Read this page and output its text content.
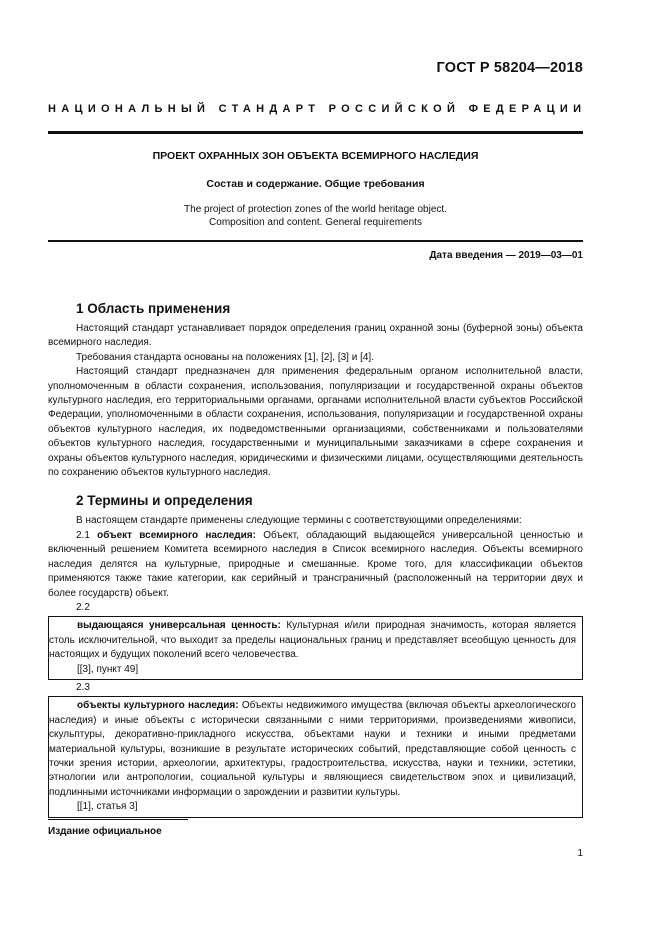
ГОСТ Р 58204—2018
НАЦИОНАЛЬНЫЙ СТАНДАРТ РОССИЙСКОЙ ФЕДЕРАЦИИ
ПРОЕКТ ОХРАННЫХ ЗОН ОБЪЕКТА ВСЕМИРНОГО НАСЛЕДИЯ
Состав и содержание. Общие требования
The project of protection zones of the world heritage object.
Composition and content. General requirements
Дата введения — 2019—03—01
1 Область применения

Настоящий стандарт устанавливает порядок определения границ охранной зоны (буферной зоны) объекта всемирного наследия.

Требования стандарта основаны на положениях [1], [2], [3] и [4].

Настоящий стандарт предназначен для применения федеральным органом исполнительной власти, уполномоченным в области сохранения, использования, популяризации и государственной охраны объектов культурного наследия, его территориальными органами, органами исполнительной власти субъектов Российской Федерации, уполномоченными в области сохранения, использования, популяризации и государственной охраны объектов культурного наследия, их подведомственными организациями, собственниками и пользователями объектов культурного наследия, государственными и муниципальными заказчиками в сфере сохранения и охраны объектов культурного наследия, юридическими и физическими лицами, осуществляющими деятельность по сохранению объектов культурного наследия.

2 Термины и определения

В настоящем стандарте применены следующие термины с соответствующими определениями:

2.1 объект всемирного наследия: Объект, обладающий выдающейся универсальной ценностью и включенный решением Комитета всемирного наследия в Список всемирного наследия. Объекты всемирного наследия делятся на культурные, природные и смешанные. Кроме того, для классификации объектов применяются также такие категории, как серийный и трансграничный (расположенный на территории двух и более государств) объект.

2.2

выдающаяся универсальная ценность: Культурная и/или природная значимость, которая является столь исключительной, что выходит за пределы национальных границ и представляет всеобщую ценность для настоящих и будущих поколений всего человечества.

[[3], пункт 49]

2.3

объекты культурного наследия: Объекты недвижимого имущества (включая объекты археологического наследия) и иные объекты с исторически связанными с ними территориями, произведениями живописи, скульптуры, декоративно-прикладного искусства, объектами науки и техники и иными предметами материальной культуры, возникшие в результате исторических событий, представляющие собой ценность с точки зрения истории, археологии, архитектуры, градостроительства, искусства, науки и техники, эстетики, этнологии или антропологии, социальной культуры и являющиеся свидетельством эпох и цивилизаций, подлинными источниками информации о зарождении и развитии культуры.

[[1], статья 3]

Издание официальное
1
